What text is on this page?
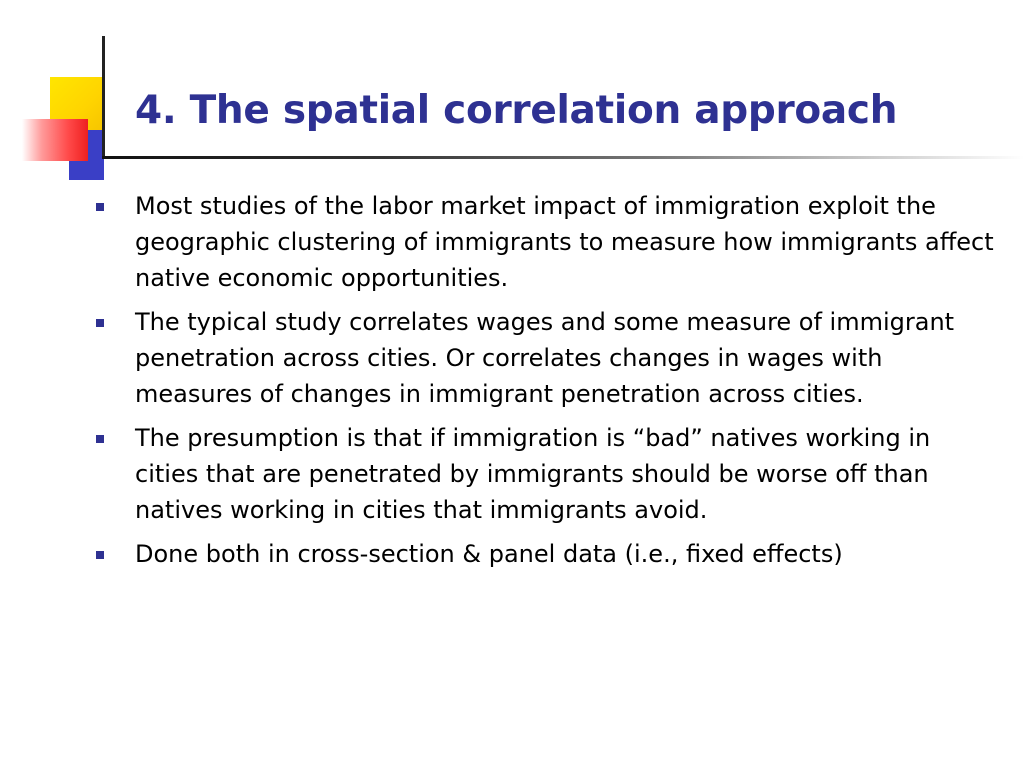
4. The spatial correlation approach
Most studies of the labor market impact of immigration exploit the geographic clustering of immigrants to measure how immigrants affect native economic opportunities.
The typical study correlates wages and some measure of immigrant penetration across cities. Or correlates changes in wages with measures of changes in immigrant penetration across cities.
The presumption is that if immigration is “bad” natives working in cities that are penetrated by immigrants should be worse off than natives working in cities that immigrants avoid.
Done both in cross-section & panel data (i.e., fixed effects)
